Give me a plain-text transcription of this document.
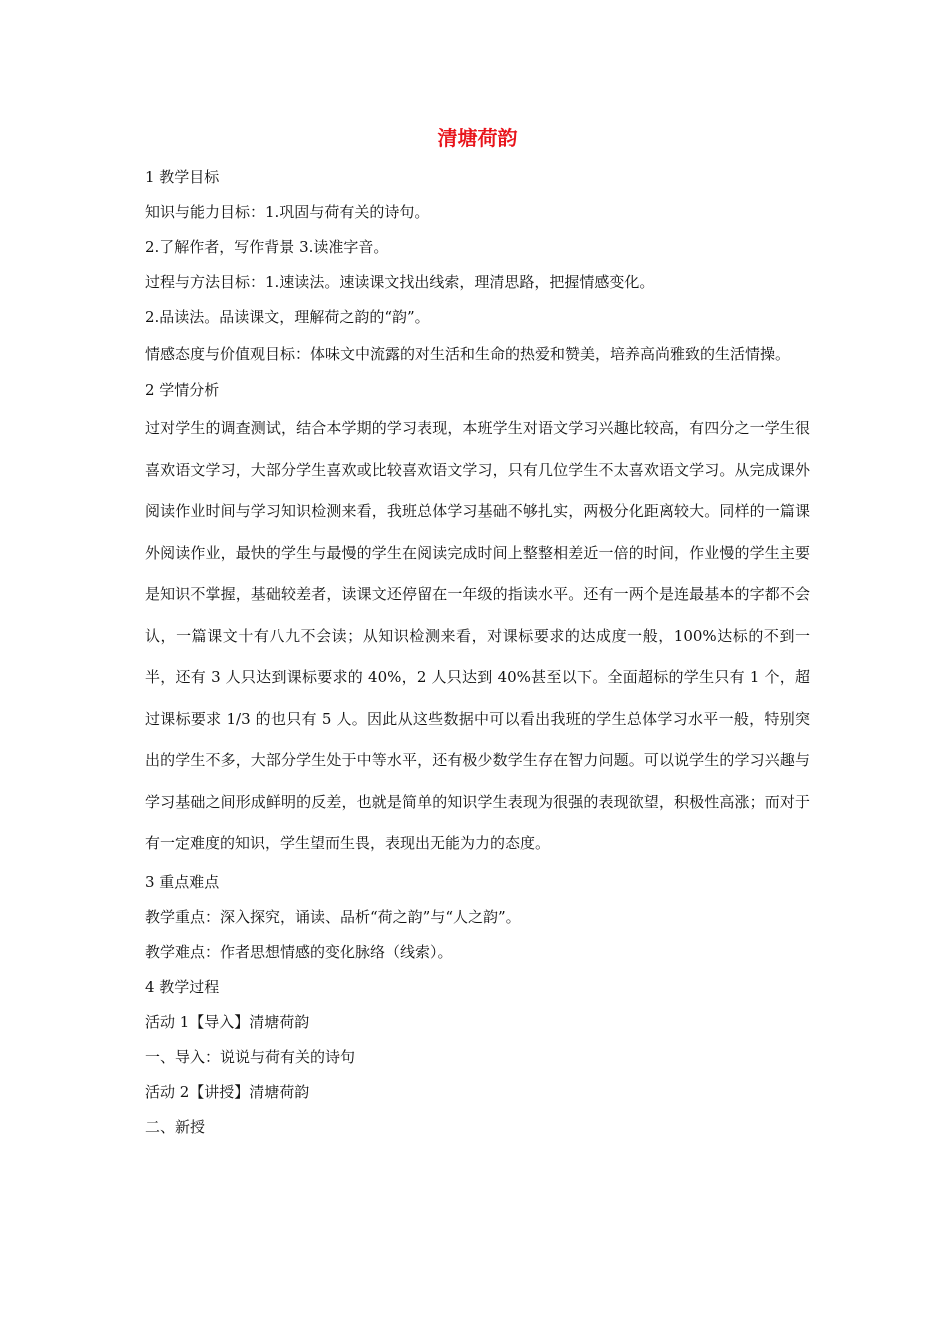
清塘荷韵

1 教学目标

知识与能力目标：1.巩固与荷有关的诗句。

2.了解作者，写作背景 3.读准字音。

过程与方法目标：1.速读法。速读课文找出线索，理清思路，把握情感变化。

2.品读法。品读课文，理解荷之韵的“韵”。

情感态度与价值观目标：体味文中流露的对生活和生命的热爱和赞美，培养高尚雅致的生活情操。

2 学情分析

过对学生的调查测试，结合本学期的学习表现，本班学生对语文学习兴趣比较高，有四分之一学生很喜欢语文学习，大部分学生喜欢或比较喜欢语文学习，只有几位学生不太喜欢语文学习。从完成课外阅读作业时间与学习知识检测来看，我班总体学习基础不够扎实，两极分化距离较大。同样的一篇课外阅读作业，最快的学生与最慢的学生在阅读完成时间上整整相差近一倍的时间，作业慢的学生主要是知识不掌握，基础较差者，读课文还停留在一年级的指读水平。还有一两个是连最基本的字都不会认，一篇课文十有八九不会读；从知识检测来看，对课标要求的达成度一般，100%达标的不到一半，还有 3 人只达到课标要求的 40%，2 人只达到 40%甚至以下。全面超标的学生只有 1 个，超过课标要求 1/3 的也只有 5 人。因此从这些数据中可以看出我班的学生总体学习水平一般，特别突出的学生不多，大部分学生处于中等水平，还有极少数学生存在智力问题。可以说学生的学习兴趣与学习基础之间形成鲜明的反差，也就是简单的知识学生表现为很强的表现欲望，积极性高涨；而对于有一定难度的知识，学生望而生畏，表现出无能为力的态度。

3 重点难点

教学重点：深入探究，诵读、品析“荷之韵”与“人之韵”。

教学难点：作者思想情感的变化脉络（线索）。

4 教学过程

活动 1【导入】清塘荷韵

一、导入：说说与荷有关的诗句

活动 2【讲授】清塘荷韵

二、新授
